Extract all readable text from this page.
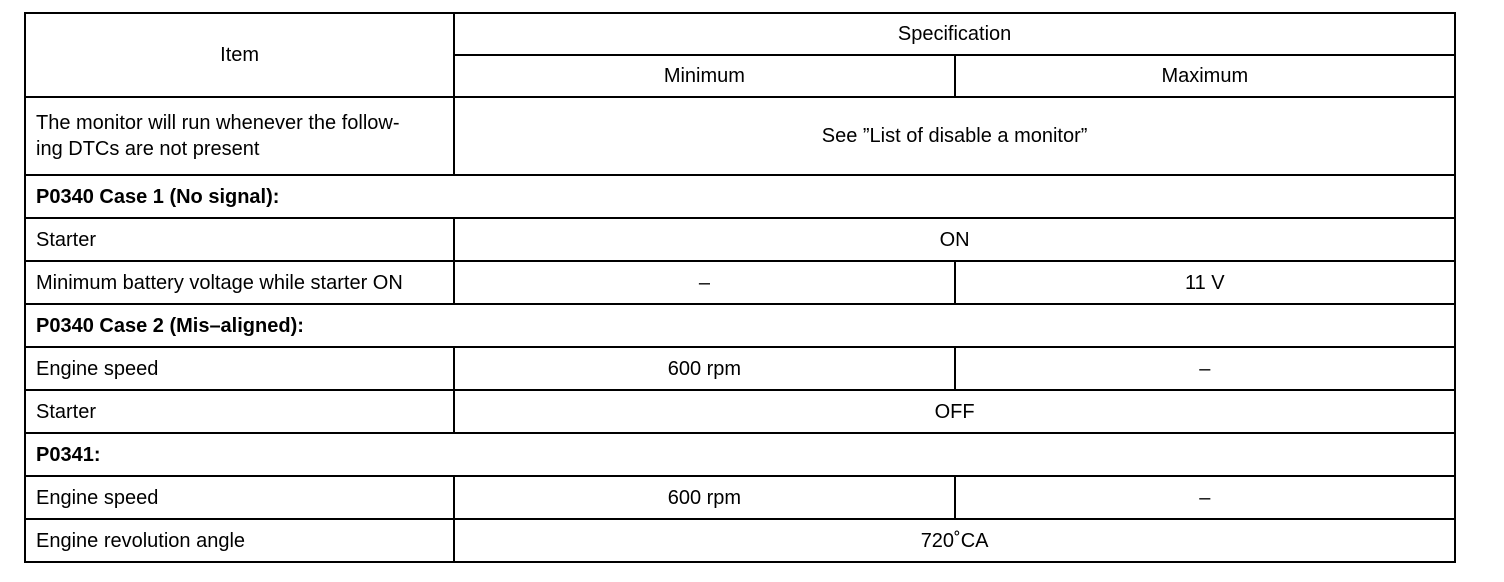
Item	Specification	
	Minimum	Maximum
The monitor will run whenever the follow-
ing DTCs are not present	See ”List of disable a monitor”	
P0340 Case 1 (No signal):		
Starter	ON	
Minimum battery voltage while starter ON	–	11 V
P0340 Case 2 (Mis–aligned):		
Engine speed	600 rpm	–
Starter	OFF	
P0341:		
Engine speed	600 rpm	–
Engine revolution angle	720˚CA	
